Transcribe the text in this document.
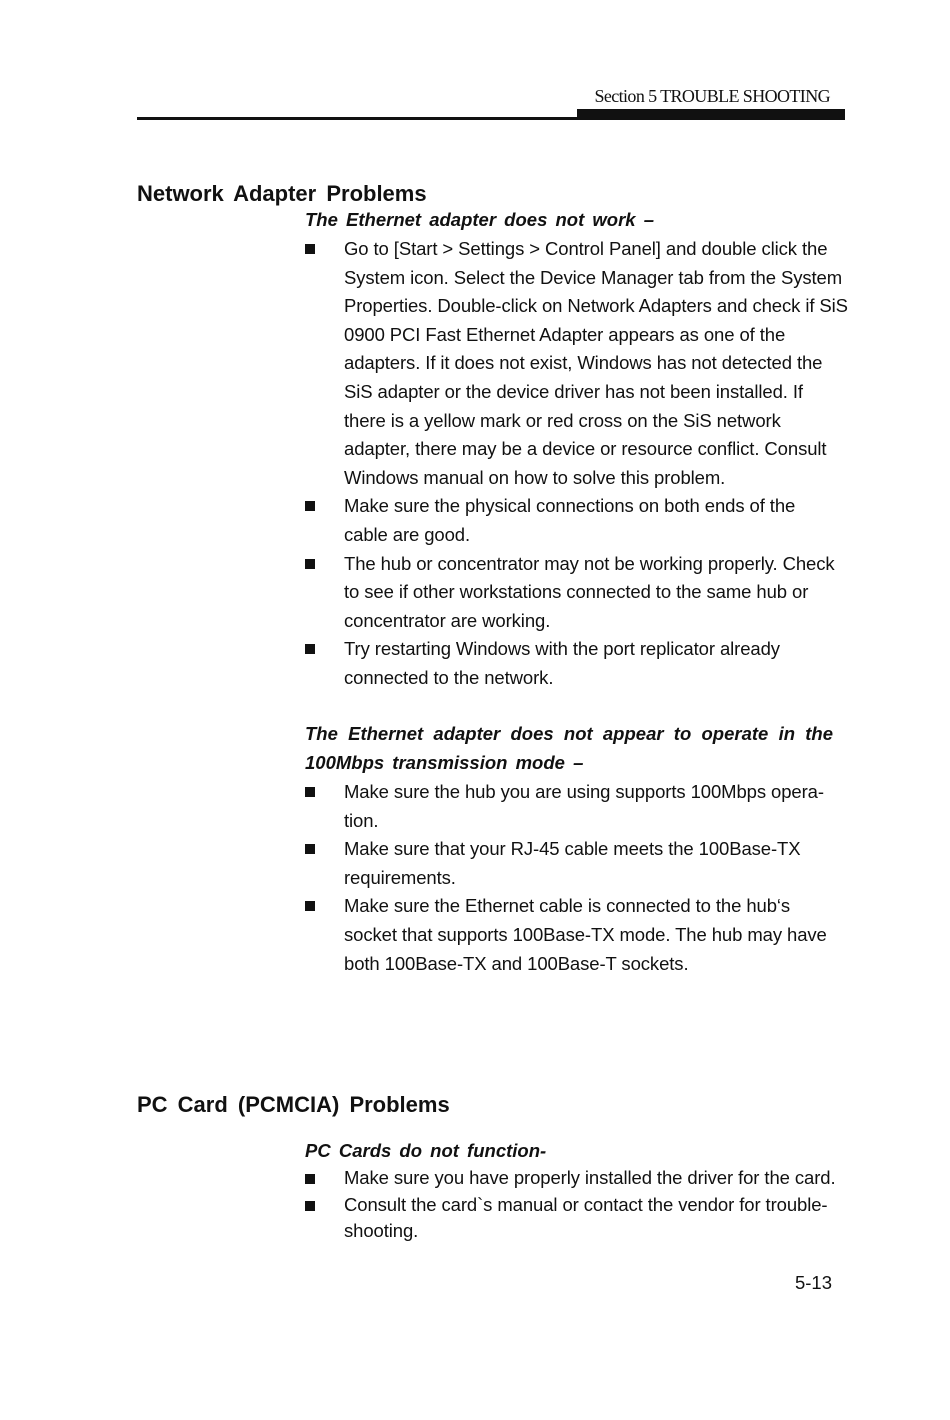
Section 5 TROUBLE SHOOTING
Network Adapter Problems

The Ethernet adapter does not work –

Go to [Start > Settings > Control Panel] and double click the System icon. Select the Device Manager tab from the System Properties. Double-click on Network Adapters and check if SiS 0900 PCI Fast Ethernet Adapter appears as one of the adapters. If it does not exist, Windows has not detected the SiS adapter or the device driver has not been installed. If there is a yellow mark or red cross on the SiS network adapter, there may be a device or resource conflict. Consult Windows manual on how to solve this problem.
Make sure the physical connections on both ends of the cable are good.
The hub or concentrator may not be working properly. Check to see if other workstations connected to the same hub or concentrator are working.
Try restarting Windows with the port replicator already connected to the network.

The Ethernet adapter does not appear to operate in the 100Mbps transmission mode –

Make sure the hub you are using supports 100Mbps opera-tion.
Make sure that your RJ-45 cable meets the 100Base-TX requirements.
Make sure the Ethernet cable is connected to the hub‘s socket that supports 100Base-TX mode. The hub may have both 100Base-TX and 100Base-T sockets.
PC Card (PCMCIA) Problems

PC Cards do not function-

Make sure you have properly installed the driver for the card.
Consult the card`s manual or contact the vendor for trouble-shooting.
5-13
